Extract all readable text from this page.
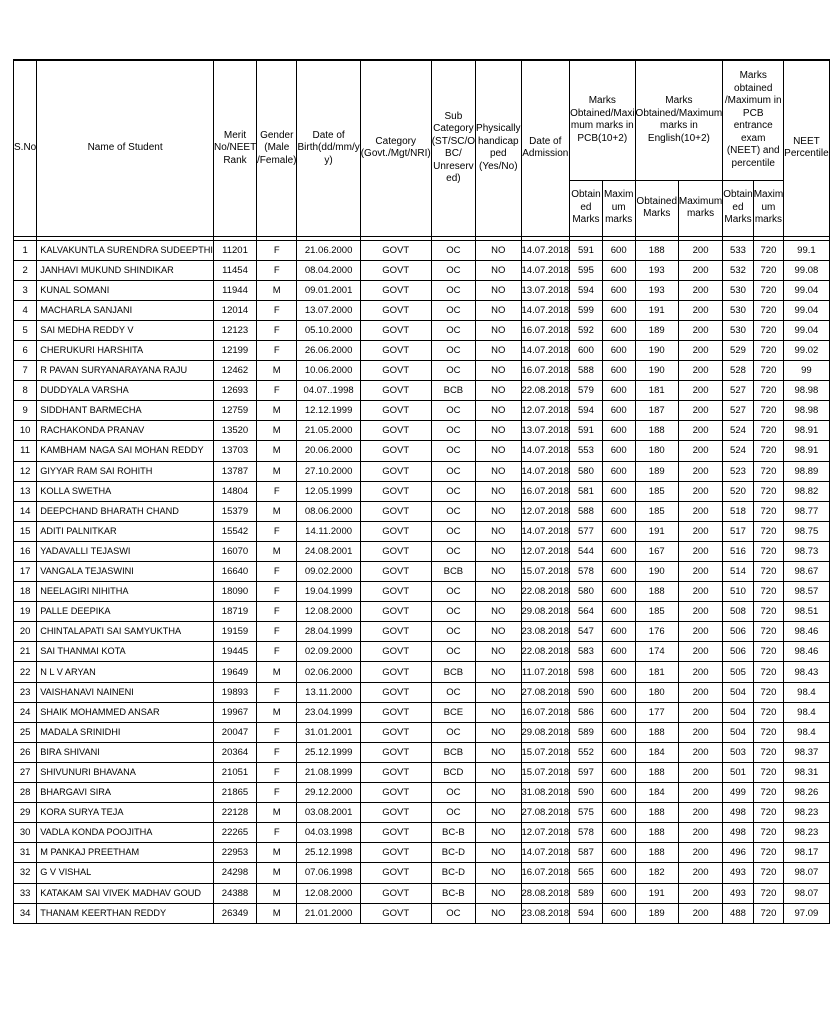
S.No	Name of Student	Merit No/NEET Rank	Gender (Male /Female)	Date of Birth(dd/mm/y y)	Category (Govt./Mgt/NRI)	Sub Category (ST/SC/O BC/ Unreserv ed)	Physically handicap ped (Yes/No)	Date of Admission	Marks Obtained/Maxi mum marks in PCB(10+2)		Marks Obtained/Maximum marks in English(10+2)		Marks obtained /Maximum in PCB entrance exam (NEET) and percentile		NEET Percentile
									Obtain ed Marks	Maxim um marks	Obtained Marks	Maximum marks	Obtain ed Marks	Maxim um marks	

1	KALVAKUNTLA SURENDRA SUDEEPTHI	11201	F	21.06.2000	GOVT	OC	NO	14.07.2018	591	600	188	200	533	720	99.1
2	JANHAVI MUKUND SHINDIKAR	11454	F	08.04.2000	GOVT	OC	NO	14.07.2018	595	600	193	200	532	720	99.08
3	KUNAL SOMANI	11944	M	09.01.2001	GOVT	OC	NO	13.07.2018	594	600	193	200	530	720	99.04
4	MACHARLA SANJANI	12014	F	13.07.2000	GOVT	OC	NO	14.07.2018	599	600	191	200	530	720	99.04
5	SAI MEDHA REDDY V	12123	F	05.10.2000	GOVT	OC	NO	16.07.2018	592	600	189	200	530	720	99.04
6	CHERUKURI HARSHITA	12199	F	26.06.2000	GOVT	OC	NO	14.07.2018	600	600	190	200	529	720	99.02
7	R PAVAN SURYANARAYANA RAJU	12462	M	10.06.2000	GOVT	OC	NO	16.07.2018	588	600	190	200	528	720	99
8	DUDDYALA VARSHA	12693	F	04.07..1998	GOVT	BCB	NO	22.08.2018	579	600	181	200	527	720	98.98
9	SIDDHANT BARMECHA	12759	M	12.12.1999	GOVT	OC	NO	12.07.2018	594	600	187	200	527	720	98.98
10	RACHAKONDA PRANAV	13520	M	21.05.2000	GOVT	OC	NO	13.07.2018	591	600	188	200	524	720	98.91
11	KAMBHAM NAGA SAI MOHAN REDDY	13703	M	20.06.2000	GOVT	OC	NO	14.07.2018	553	600	180	200	524	720	98.91
12	GIYYAR RAM SAI ROHITH	13787	M	27.10.2000	GOVT	OC	NO	14.07.2018	580	600	189	200	523	720	98.89
13	KOLLA SWETHA	14804	F	12.05.1999	GOVT	OC	NO	16.07.2018	581	600	185	200	520	720	98.82
14	DEEPCHAND BHARATH CHAND	15379	M	08.06.2000	GOVT	OC	NO	12.07.2018	588	600	185	200	518	720	98.77
15	ADITI PALNITKAR	15542	F	14.11.2000	GOVT	OC	NO	14.07.2018	577	600	191	200	517	720	98.75
16	YADAVALLI TEJASWI	16070	M	24.08.2001	GOVT	OC	NO	12.07.2018	544	600	167	200	516	720	98.73
17	VANGALA TEJASWINI	16640	F	09.02.2000	GOVT	BCB	NO	15.07.2018	578	600	190	200	514	720	98.67
18	NEELAGIRI NIHITHA	18090	F	19.04.1999	GOVT	OC	NO	22.08.2018	580	600	188	200	510	720	98.57
19	PALLE DEEPIKA	18719	F	12.08.2000	GOVT	OC	NO	29.08.2018	564	600	185	200	508	720	98.51
20	CHINTALAPATI SAI SAMYUKTHA	19159	F	28.04.1999	GOVT	OC	NO	23.08.2018	547	600	176	200	506	720	98.46
21	SAI THANMAI KOTA	19445	F	02.09.2000	GOVT	OC	NO	22.08.2018	583	600	174	200	506	720	98.46
22	N L V ARYAN	19649	M	02.06.2000	GOVT	BCB	NO	11.07.2018	598	600	181	200	505	720	98.43
23	VAISHANAVI NAINENI	19893	F	13.11.2000	GOVT	OC	NO	27.08.2018	590	600	180	200	504	720	98.4
24	SHAIK MOHAMMED ANSAR	19967	M	23.04.1999	GOVT	BCE	NO	16.07.2018	586	600	177	200	504	720	98.4
25	MADALA SRINIDHI	20047	F	31.01.2001	GOVT	OC	NO	29.08.2018	589	600	188	200	504	720	98.4
26	BIRA SHIVANI	20364	F	25.12.1999	GOVT	BCB	NO	15.07.2018	552	600	184	200	503	720	98.37
27	SHIVUNURI BHAVANA	21051	F	21.08.1999	GOVT	BCD	NO	15.07.2018	597	600	188	200	501	720	98.31
28	BHARGAVI SIRA	21865	F	29.12.2000	GOVT	OC	NO	31.08.2018	590	600	184	200	499	720	98.26
29	KORA SURYA TEJA	22128	M	03.08.2001	GOVT	OC	NO	27.08.2018	575	600	188	200	498	720	98.23
30	VADLA KONDA POOJITHA	22265	F	04.03.1998	GOVT	BC-B	NO	12.07.2018	578	600	188	200	498	720	98.23
31	M PANKAJ PREETHAM	22953	M	25.12.1998	GOVT	BC-D	NO	14.07.2018	587	600	188	200	496	720	98.17
32	G V VISHAL	24298	M	07.06.1998	GOVT	BC-D	NO	16.07.2018	565	600	182	200	493	720	98.07
33	KATAKAM SAI VIVEK MADHAV GOUD	24388	M	12.08.2000	GOVT	BC-B	NO	28.08.2018	589	600	191	200	493	720	98.07
34	THANAM KEERTHAN REDDY	26349	M	21.01.2000	GOVT	OC	NO	23.08.2018	594	600	189	200	488	720	97.09
